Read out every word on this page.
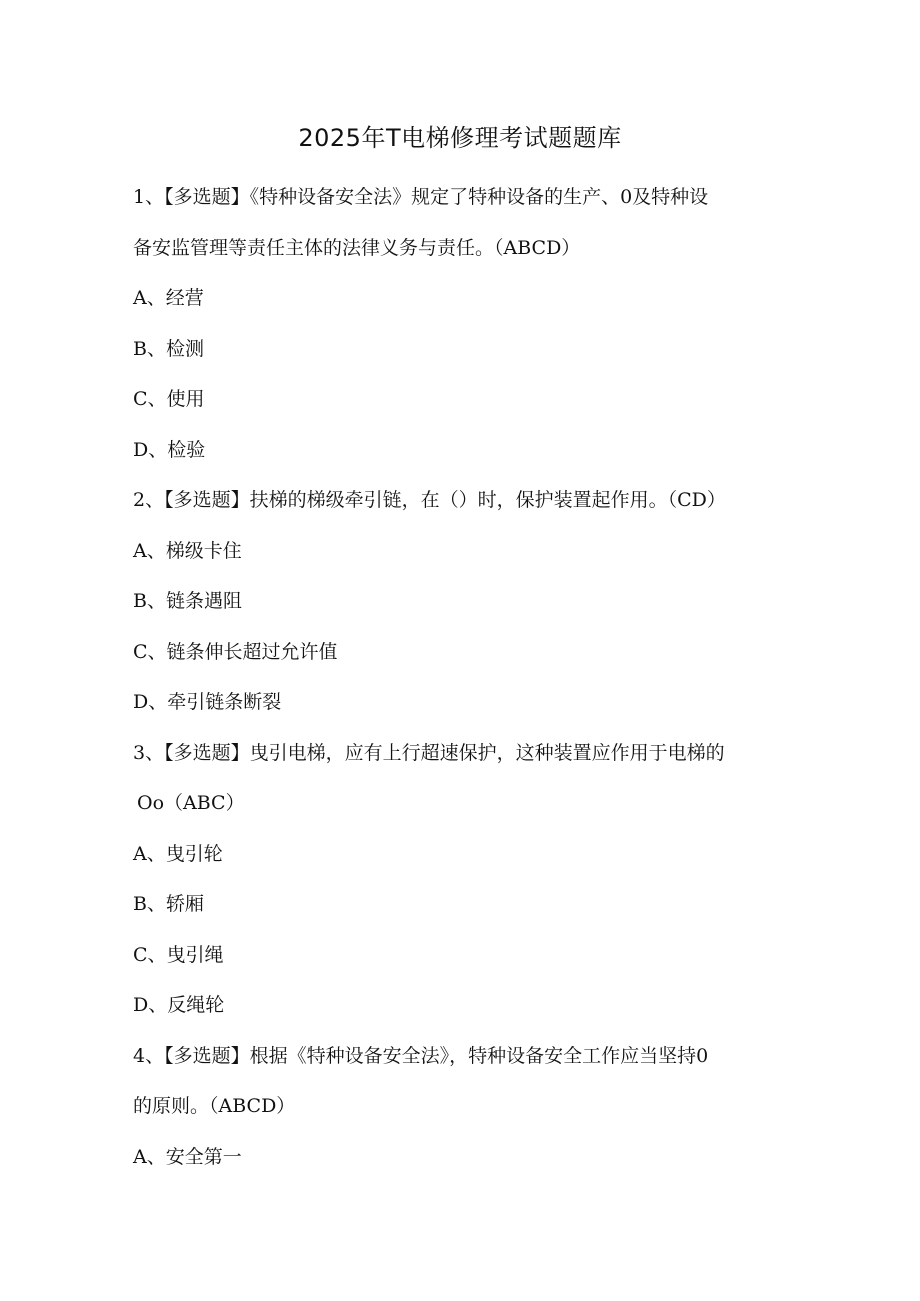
2025年T电梯修理考试题题库
1、【多选题】《特种设备安全法》规定了特种设备的生产、0及特种设
备安监管理等责任主体的法律义务与责任。（ABCD）
A、经营
B、检测
C、使用
D、检验
2、【多选题】扶梯的梯级牵引链，在（）时，保护装置起作用。（CD）
A、梯级卡住
B、链条遇阻
C、链条伸长超过允许值
D、牵引链条断裂
3、【多选题】曳引电梯，应有上行超速保护，这种装置应作用于电梯的
Oo（ABC）
A、曳引轮
B、轿厢
C、曳引绳
D、反绳轮
4、【多选题】根据《特种设备安全法》，特种设备安全工作应当坚持0
的原则。（ABCD）
A、安全第一
